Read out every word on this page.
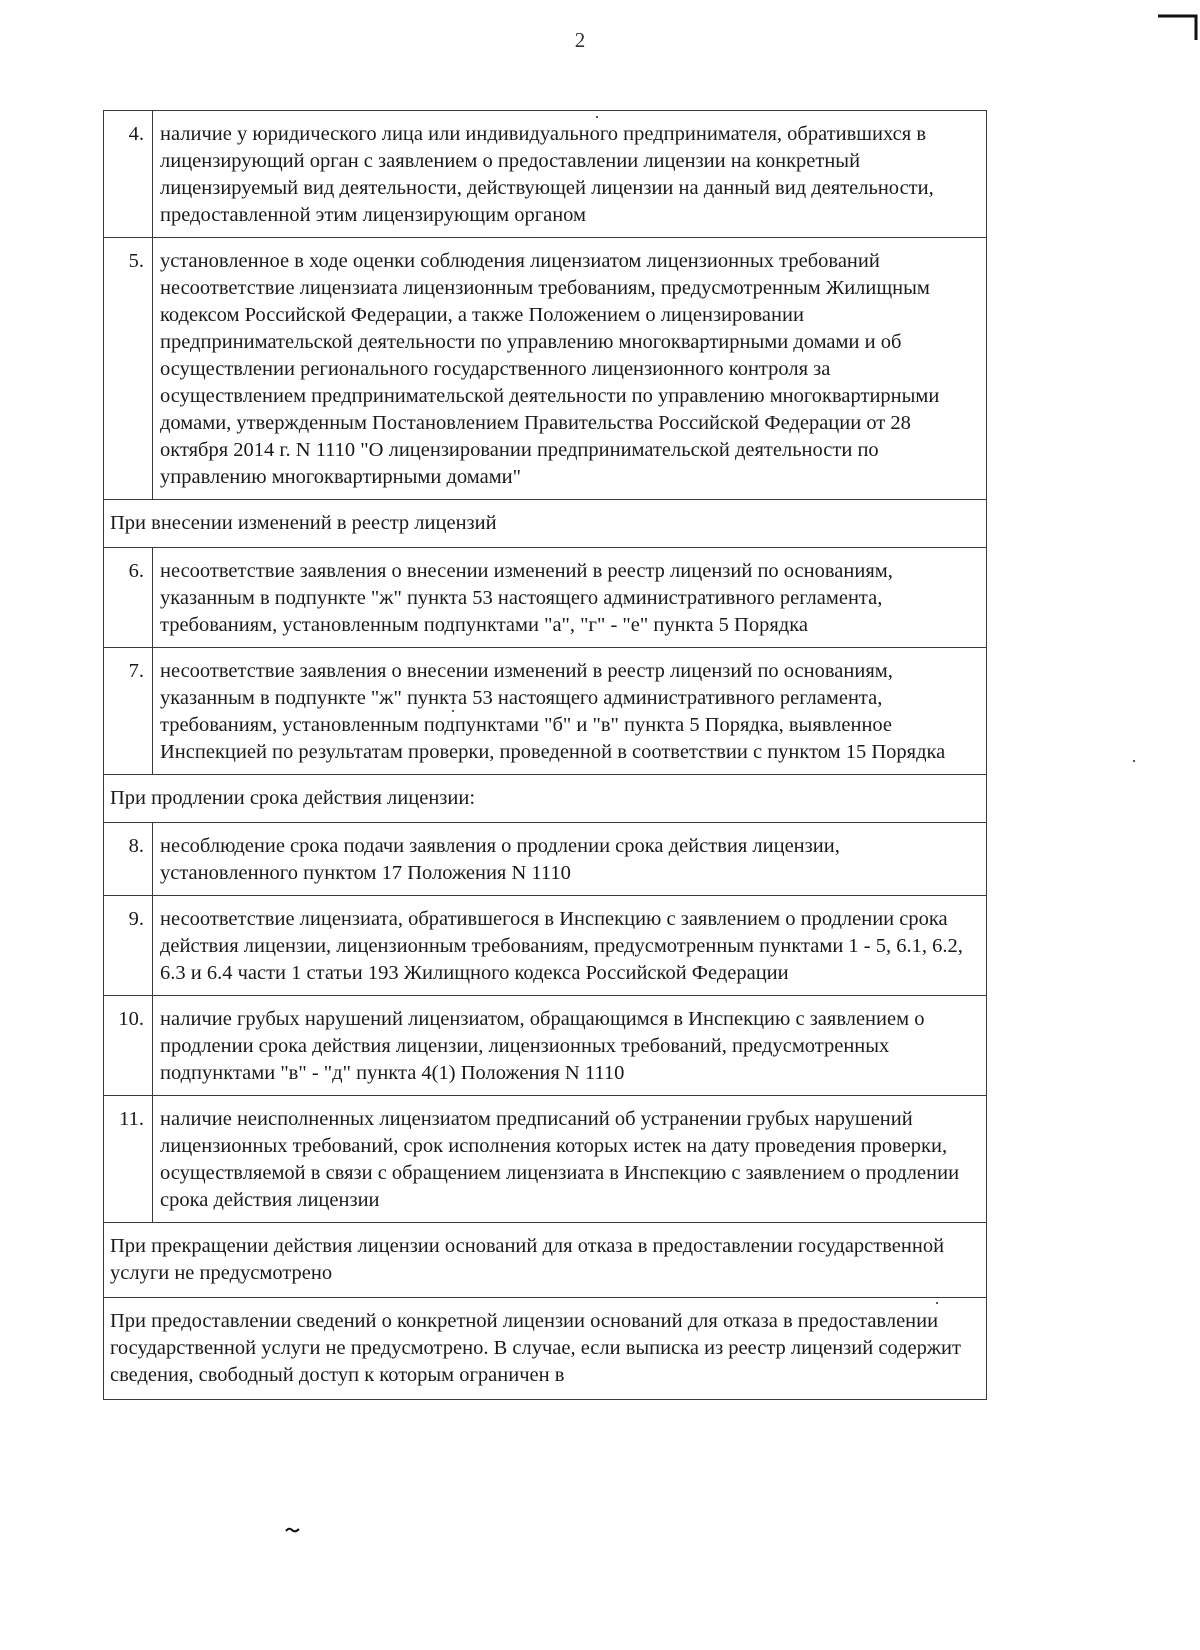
2
4.	наличие у юридического лица или индивидуального предпринимателя, обратившихся в лицензирующий орган с заявлением о предоставлении лицензии на конкретный лицензируемый вид деятельности, действующей лицензии на данный вид деятельности, предоставленной этим лицензирующим органом
5.	установленное в ходе оценки соблюдения лицензиатом лицензионных требований несоответствие лицензиата лицензионным требованиям, предусмотренным Жилищным кодексом Российской Федерации, а также Положением о лицензировании предпринимательской деятельности по управлению многоквартирными домами и об осуществлении регионального государственного лицензионного контроля за осуществлением предпринимательской деятельности по управлению многоквартирными домами, утвержденным Постановлением Правительства Российской Федерации от 28 октября 2014 г. N 1110 "О лицензировании предпринимательской деятельности по управлению многоквартирными домами"
При внесении изменений в реестр лицензий	
6.	несоответствие заявления о внесении изменений в реестр лицензий по основаниям, указанным в подпункте "ж" пункта 53 настоящего административного регламента, требованиям, установленным подпунктами "а", "г" - "е" пункта 5 Порядка
7.	несоответствие заявления о внесении изменений в реестр лицензий по основаниям, указанным в подпункте "ж" пункта 53 настоящего административного регламента, требованиям, установленным подпунктами "б" и "в" пункта 5 Порядка, выявленное Инспекцией по результатам проверки, проведенной в соответствии с пунктом 15 Порядка
При продлении срока действия лицензии:	
8.	несоблюдение срока подачи заявления о продлении срока действия лицензии, установленного пунктом 17 Положения N 1110
9.	несоответствие лицензиата, обратившегося в Инспекцию с заявлением о продлении срока действия лицензии, лицензионным требованиям, предусмотренным пунктами 1 - 5, 6.1, 6.2, 6.3 и 6.4 части 1 статьи 193 Жилищного кодекса Российской Федерации
10.	наличие грубых нарушений лицензиатом, обращающимся в Инспекцию с заявлением о продлении срока действия лицензии, лицензионных требований, предусмотренных подпунктами "в" - "д" пункта 4(1) Положения N 1110
11.	наличие неисполненных лицензиатом предписаний об устранении грубых нарушений лицензионных требований, срок исполнения которых истек на дату проведения проверки, осуществляемой в связи с обращением лицензиата в Инспекцию с заявлением о продлении срока действия лицензии
При прекращении действия лицензии оснований для отказа в предоставлении государственной услуги не предусмотрено	
При предоставлении сведений о конкретной лицензии оснований для отказа в предоставлении государственной услуги не предусмотрено. В случае, если выписка из реестр лицензий содержит сведения, свободный доступ к которым ограничен в	
